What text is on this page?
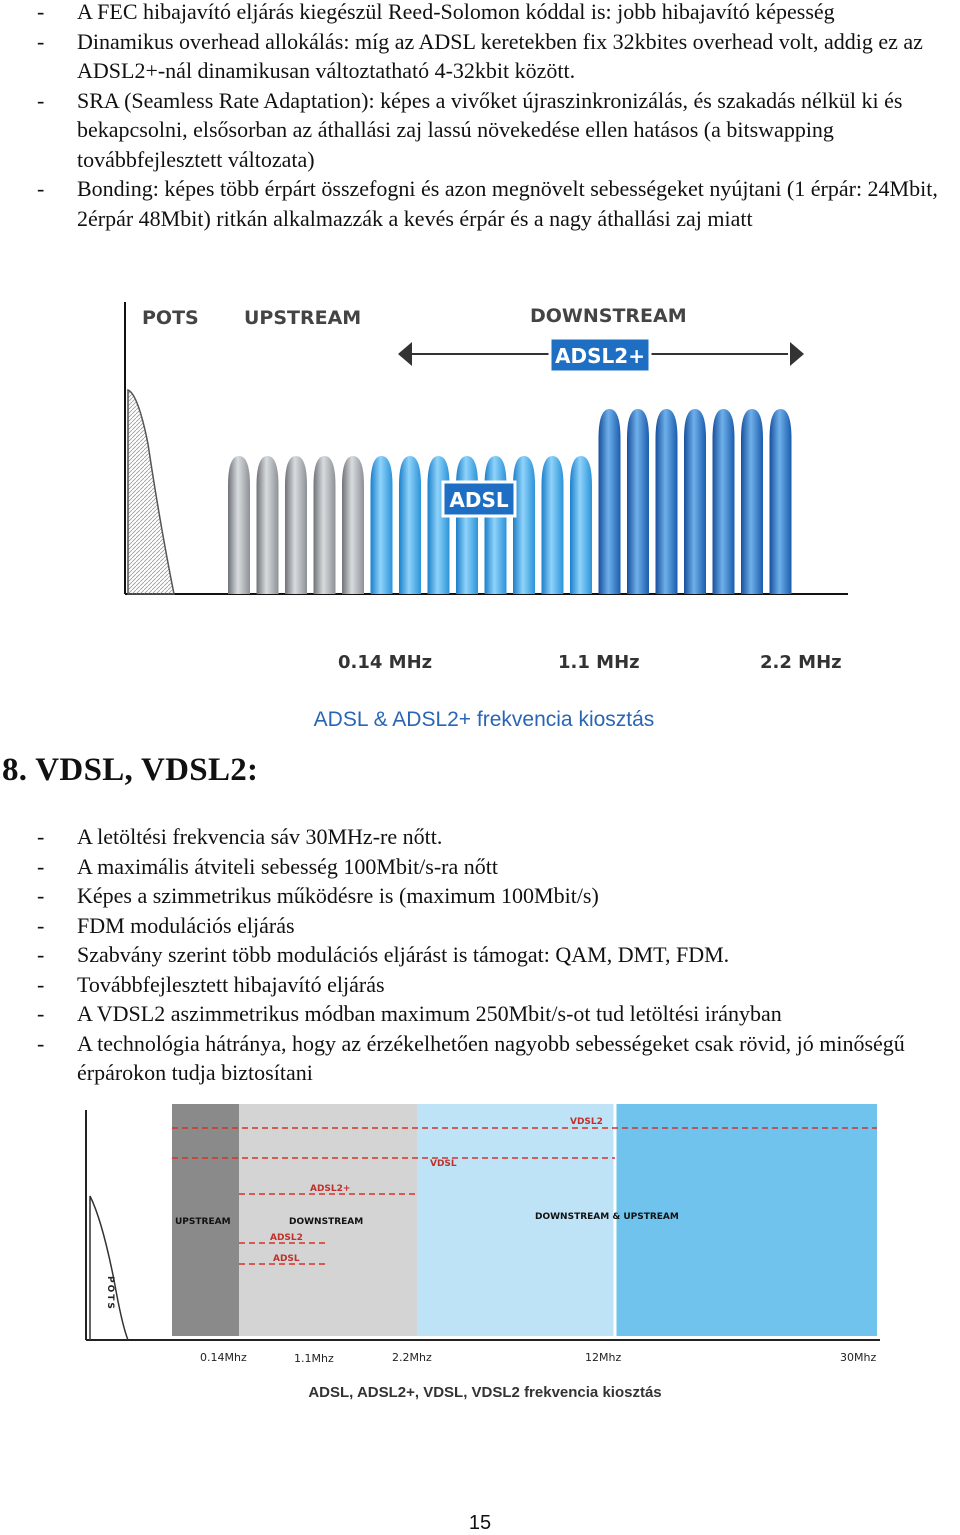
- A FEC hibajavító eljárás kiegészül Reed-Solomon kóddal is: jobb hibajavító képesség
- Dinamikus overhead allokálás: míg az ADSL keretekben fix 32kbites overhead volt, addig ez az ADSL2+-nál dinamikusan változtatható 4-32kbit között.
- SRA (Seamless Rate Adaptation): képes a vivőket újraszinkronizálás, és szakadás nélkül ki és bekapcsolni, elsősorban az áthallási zaj lassú növekedése ellen hatásos (a bitswapping továbbfejlesztett változata)
- Bonding: képes több érpárt összefogni és azon megnövelt sebességeket nyújtani (1 érpár: 24Mbit, 2érpár 48Mbit) ritkán alkalmazzák a kevés érpár és a nagy áthallási zaj miatt
POTS UPSTREAM	DOWNSTREAM
ADSL2+
ADSL
0.14 MHz	1.1 MHz	2.2 MHz
ADSL & ADSL2+ frekvencia kiosztás
8. VDSL, VDSL2:
- A letöltési frekvencia sáv 30MHz-re nőtt.
- A maximális átviteli sebesség 100Mbit/s-ra nőtt
- Képes a szimmetrikus működésre is (maximum 100Mbit/s)
- FDM modulációs eljárás
- Szabvány szerint több modulációs eljárást is támogat: QAM, DMT, FDM.
- Továbbfejlesztett hibajavító eljárás
- A VDSL2 aszimmetrikus módban maximum 250Mbit/s-ot tud letöltési irányban
- A technológia hátránya, hogy az érzékelhetően nagyobb sebességeket csak rövid, jó minőségű érpárokon tudja biztosítani
POTS
VDSL2
VDSL
ADSL2+
ADSL2
ADSL
UPSTREAM	DOWNSTREAM	DOWNSTREAM & UPSTREAM
0.14Mhz	1.1Mhz	2.2Mhz	12Mhz	30Mhz
ADSL, ADSL2+, VDSL, VDSL2 frekvencia kiosztás
15
